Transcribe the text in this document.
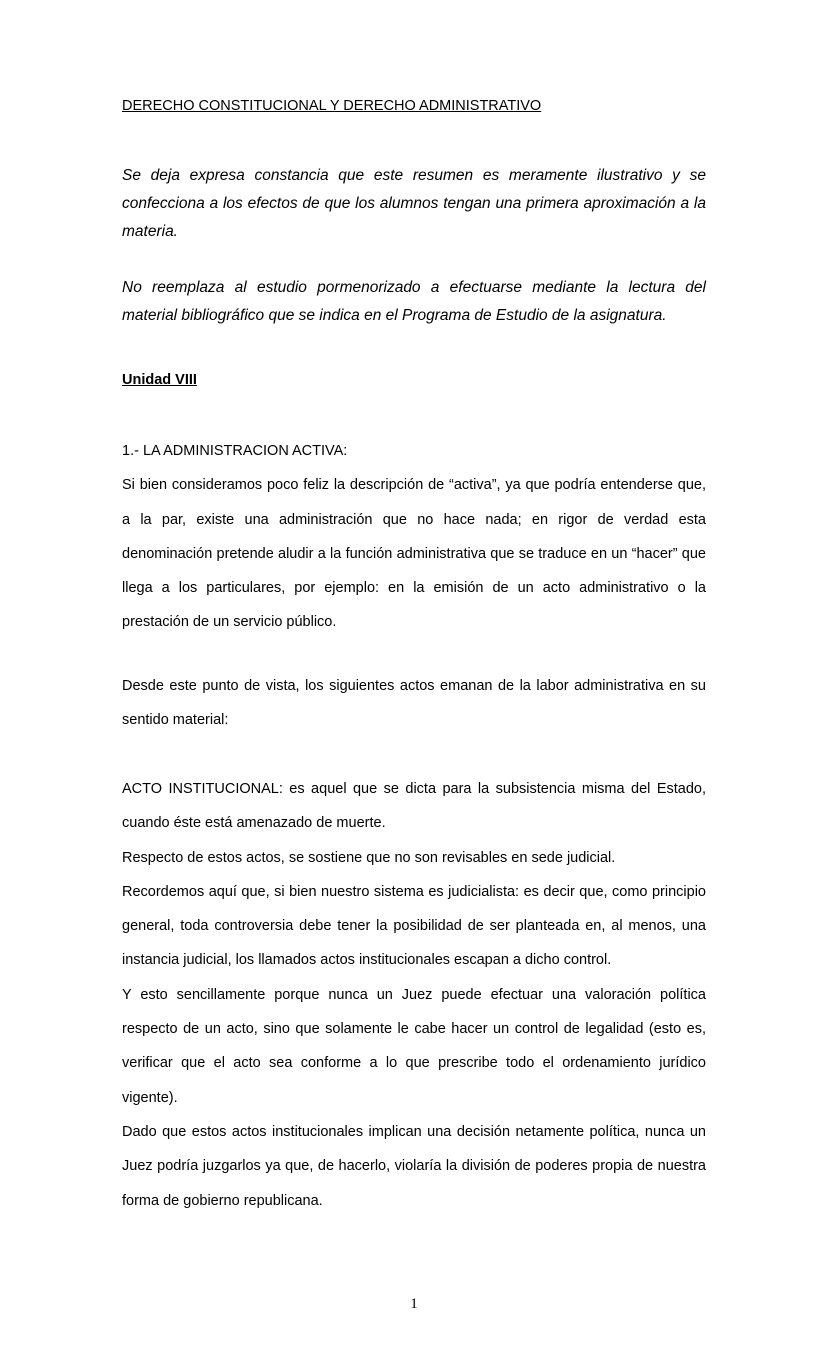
DERECHO CONSTITUCIONAL Y DERECHO ADMINISTRATIVO

Se deja expresa constancia que este resumen es meramente ilustrativo y se confecciona a los efectos de que los alumnos tengan una primera aproximación a la materia.

No reemplaza al estudio pormenorizado a efectuarse mediante la lectura del material bibliográfico que se indica en el Programa de Estudio de la asignatura.

Unidad VIII
1.- LA ADMINISTRACION ACTIVA:
Si bien consideramos poco feliz la descripción de “activa”, ya que podría entenderse que, a la par, existe una administración que no hace nada; en rigor de verdad esta denominación pretende aludir a la función administrativa que se traduce en un “hacer” que llega a los particulares, por ejemplo: en la emisión de un acto administrativo o la prestación de un servicio público.
Desde este punto de vista, los siguientes actos emanan de la labor administrativa en su sentido material:
ACTO INSTITUCIONAL: es aquel que se dicta para la subsistencia misma del Estado, cuando éste está amenazado de muerte.
Respecto de estos actos, se sostiene que no son revisables en sede judicial.
Recordemos aquí que, si bien nuestro sistema es judicialista: es decir que, como principio general, toda controversia debe tener la posibilidad de ser planteada en, al menos, una instancia judicial, los llamados actos institucionales escapan a dicho control.
Y esto sencillamente porque nunca un Juez puede efectuar una valoración política respecto de un acto, sino que solamente le cabe hacer un control de legalidad (esto es, verificar que el acto sea conforme a lo que prescribe todo el ordenamiento jurídico vigente).
Dado que estos actos institucionales implican una decisión netamente política, nunca un Juez podría juzgarlos ya que, de hacerlo, violaría la división de poderes propia de nuestra forma de gobierno republicana.
1
